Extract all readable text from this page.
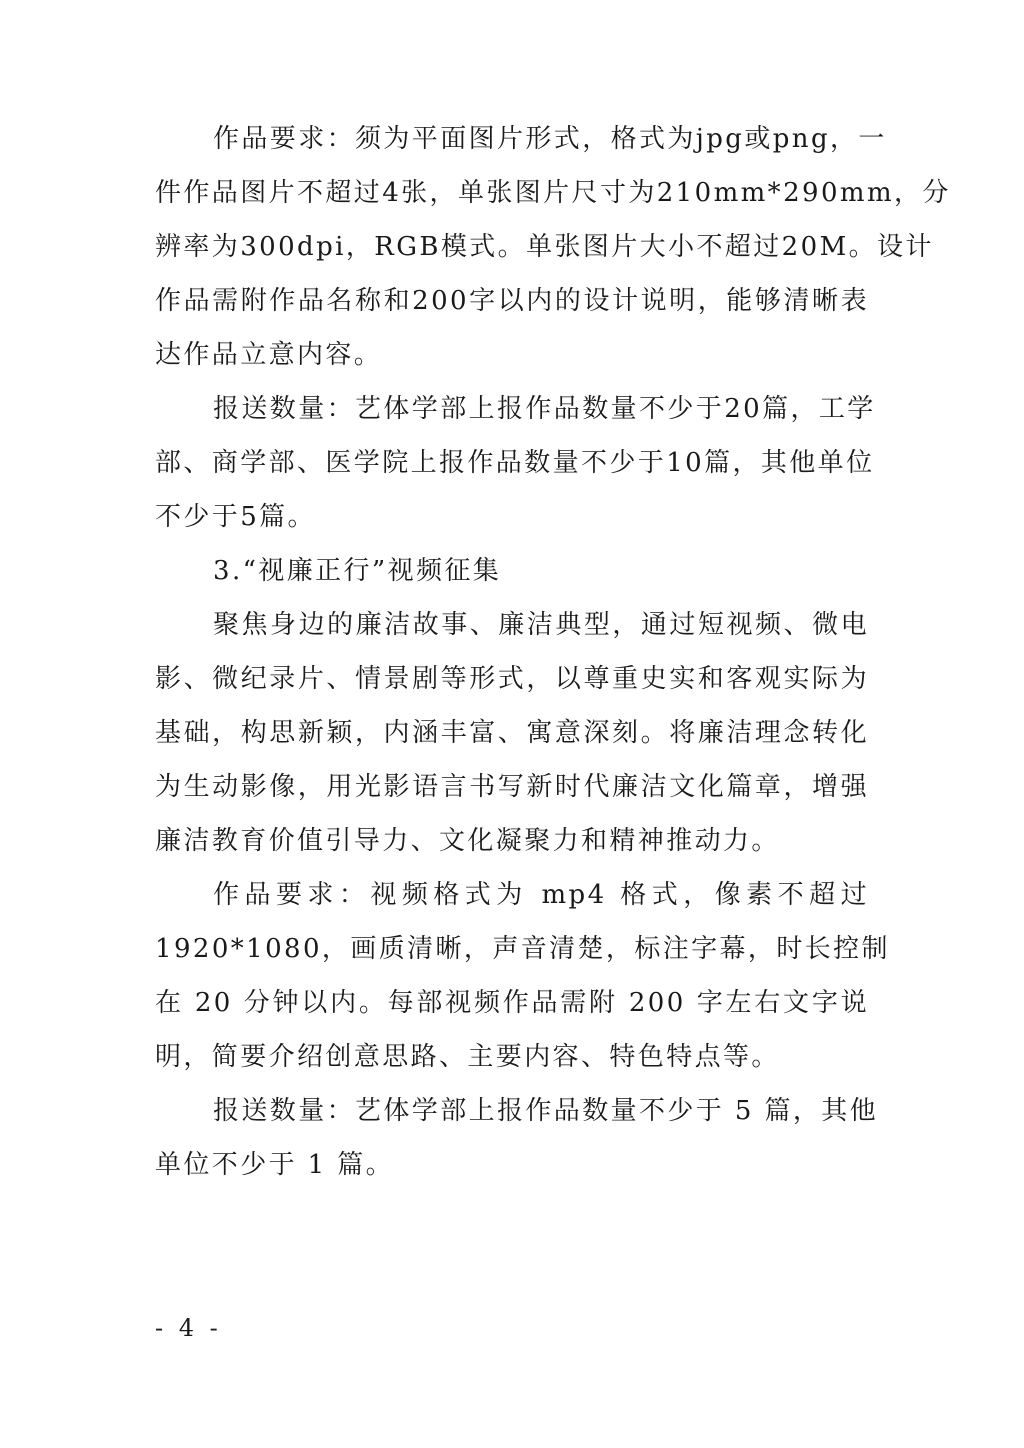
作品要求：须为平面图片形式，格式为jpg或png，一
件作品图片不超过4张，单张图片尺寸为210mm*290mm，分
辨率为300dpi，RGB模式。单张图片大小不超过20M。设计
作品需附作品名称和200字以内的设计说明，能够清晰表
达作品立意内容。
报送数量：艺体学部上报作品数量不少于20篇，工学
部、商学部、医学院上报作品数量不少于10篇，其他单位
不少于5篇。
3.“视廉正行”视频征集
聚焦身边的廉洁故事、廉洁典型，通过短视频、微电
影、微纪录片、情景剧等形式，以尊重史实和客观实际为
基础，构思新颖，内涵丰富、寓意深刻。将廉洁理念转化
为生动影像，用光影语言书写新时代廉洁文化篇章，增强
廉洁教育价值引导力、文化凝聚力和精神推动力。
作品要求：视频格式为 mp4 格式，像素不超过
1920*1080，画质清晰，声音清楚，标注字幕，时长控制
在 20 分钟以内。每部视频作品需附 200 字左右文字说
明，简要介绍创意思路、主要内容、特色特点等。
报送数量：艺体学部上报作品数量不少于 5 篇，其他
单位不少于 1 篇。
- 4 -
